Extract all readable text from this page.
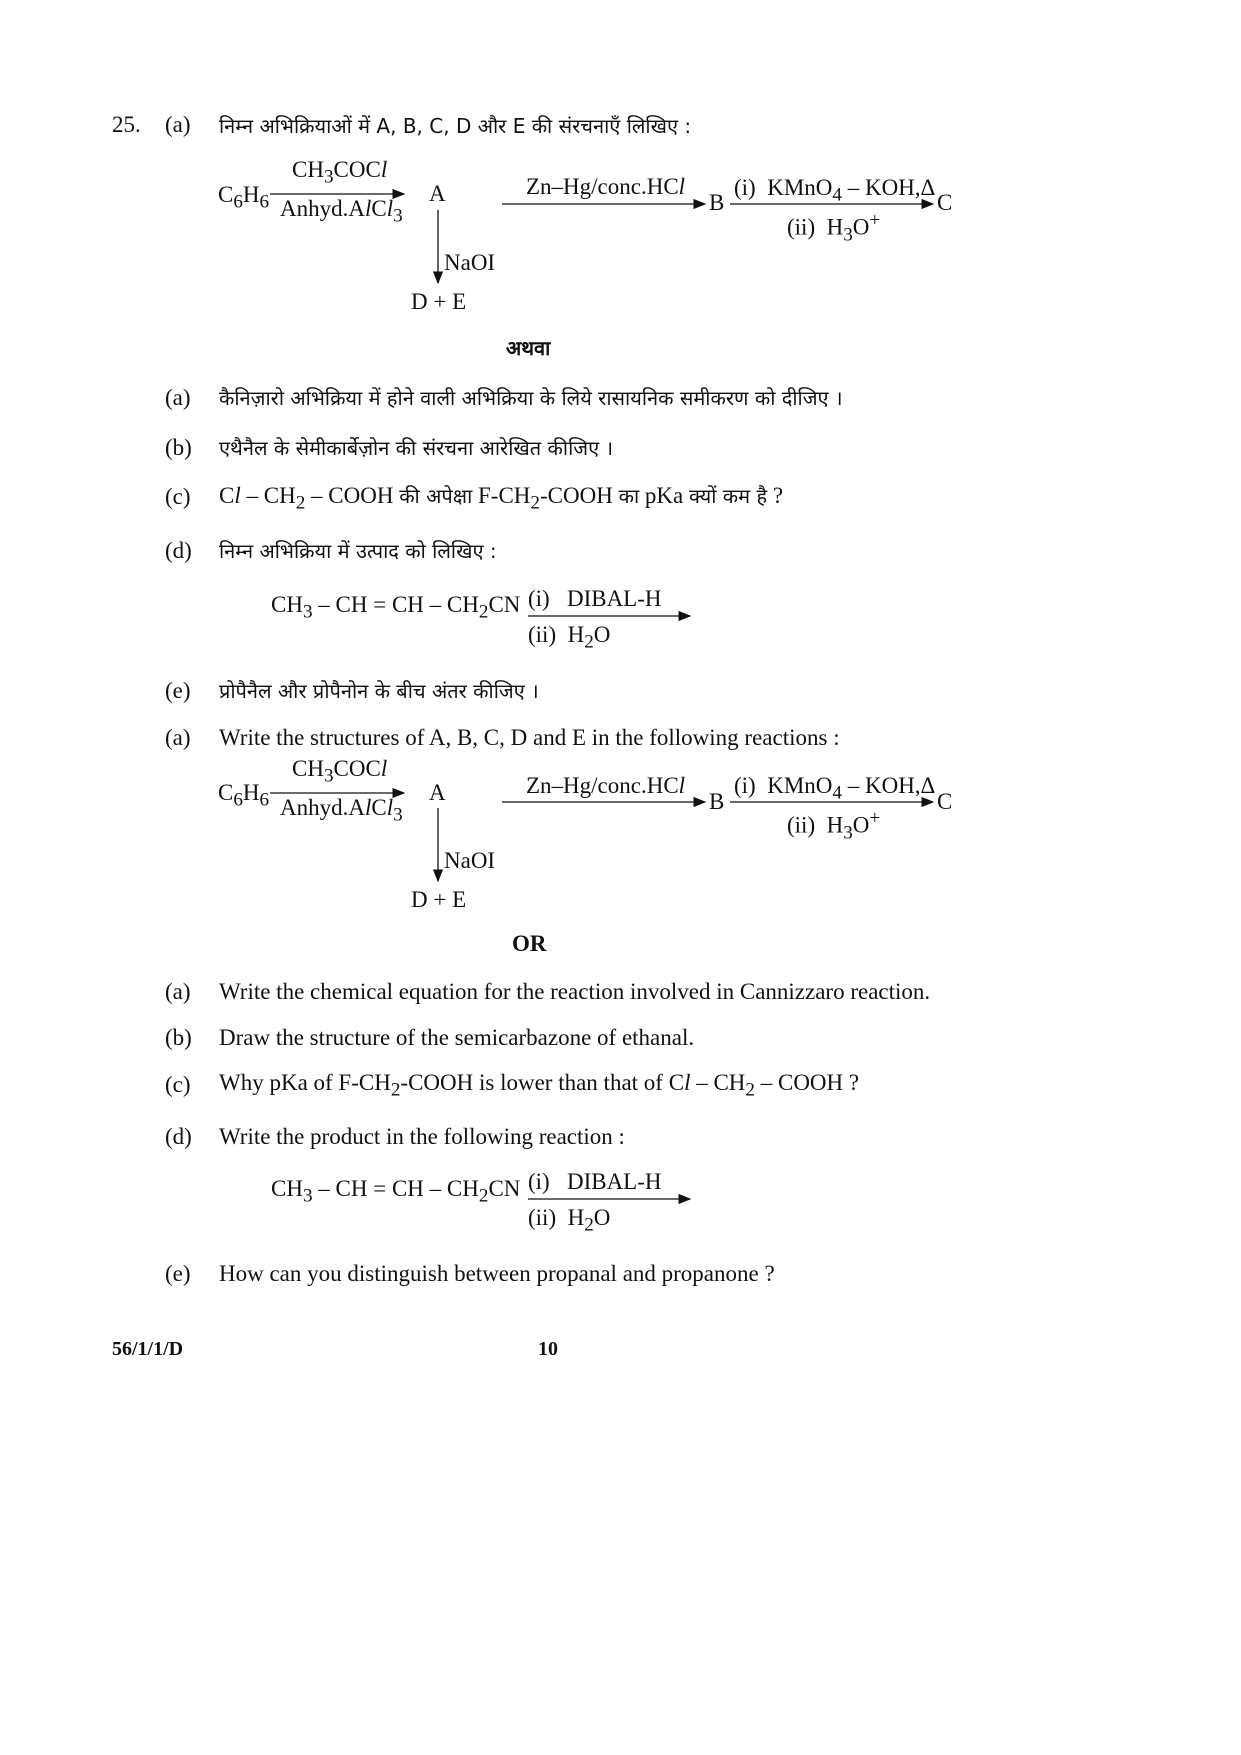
25. (a) निम्न अभिक्रियाओं में A, B, C, D और E की संरचनाएँ लिखिए :
$C_6H_6$
$CH_3COCl$
Anhyd.AlCl$_3$
A	Zn–Hg/conc.HCl
B
(i)  KMnO$_4$ – KOH,Δ
(ii)  $H_3O^+$
C
NaOI
D + E
अथवा
(a) कैनिज़ारो अभिक्रिया में होने वाली अभिक्रिया के लिये रासायनिक समीकरण को दीजिए ।
(b) एथैनैल के सेमीकार्बेज़ोन की संरचना आरेखित कीजिए ।
(c) Cl – $CH_2$ – COOH की अपेक्षा $F-CH_2$-COOH का pKa क्यों कम है ?
(d) निम्न अभिक्रिया में उत्पाद को लिखिए :
$CH_3$ – CH = CH – $CH_2CN$ (i)   DIBAL-H
(ii)  $H_2O$
(e) प्रोपैनैल और प्रोपैनोन के बीच अंतर कीजिए ।
(a) Write the structures of A, B, C, D and E in the following reactions :
$C_6H_6$
$CH_3COCl$
Anhyd.AlCl$_3$
A	Zn–Hg/conc.HCl
B
(i)  KMnO$_4$ – KOH,Δ
(ii)  $H_3O^+$
C
NaOI
D + E
OR
(a) Write the chemical equation for the reaction involved in Cannizzaro reaction.
(b) Draw the structure of the semicarbazone of ethanal.
(c) Why pKa of $F-CH_2$-COOH is lower than that of Cl – $CH_2$ – COOH ?
(d) Write the product in the following reaction :
$CH_3$ – CH = CH – $CH_2CN$ (i)   DIBAL-H
(ii)  $H_2O$
(e) How can you distinguish between propanal and propanone ?
56/1/1/D	10
